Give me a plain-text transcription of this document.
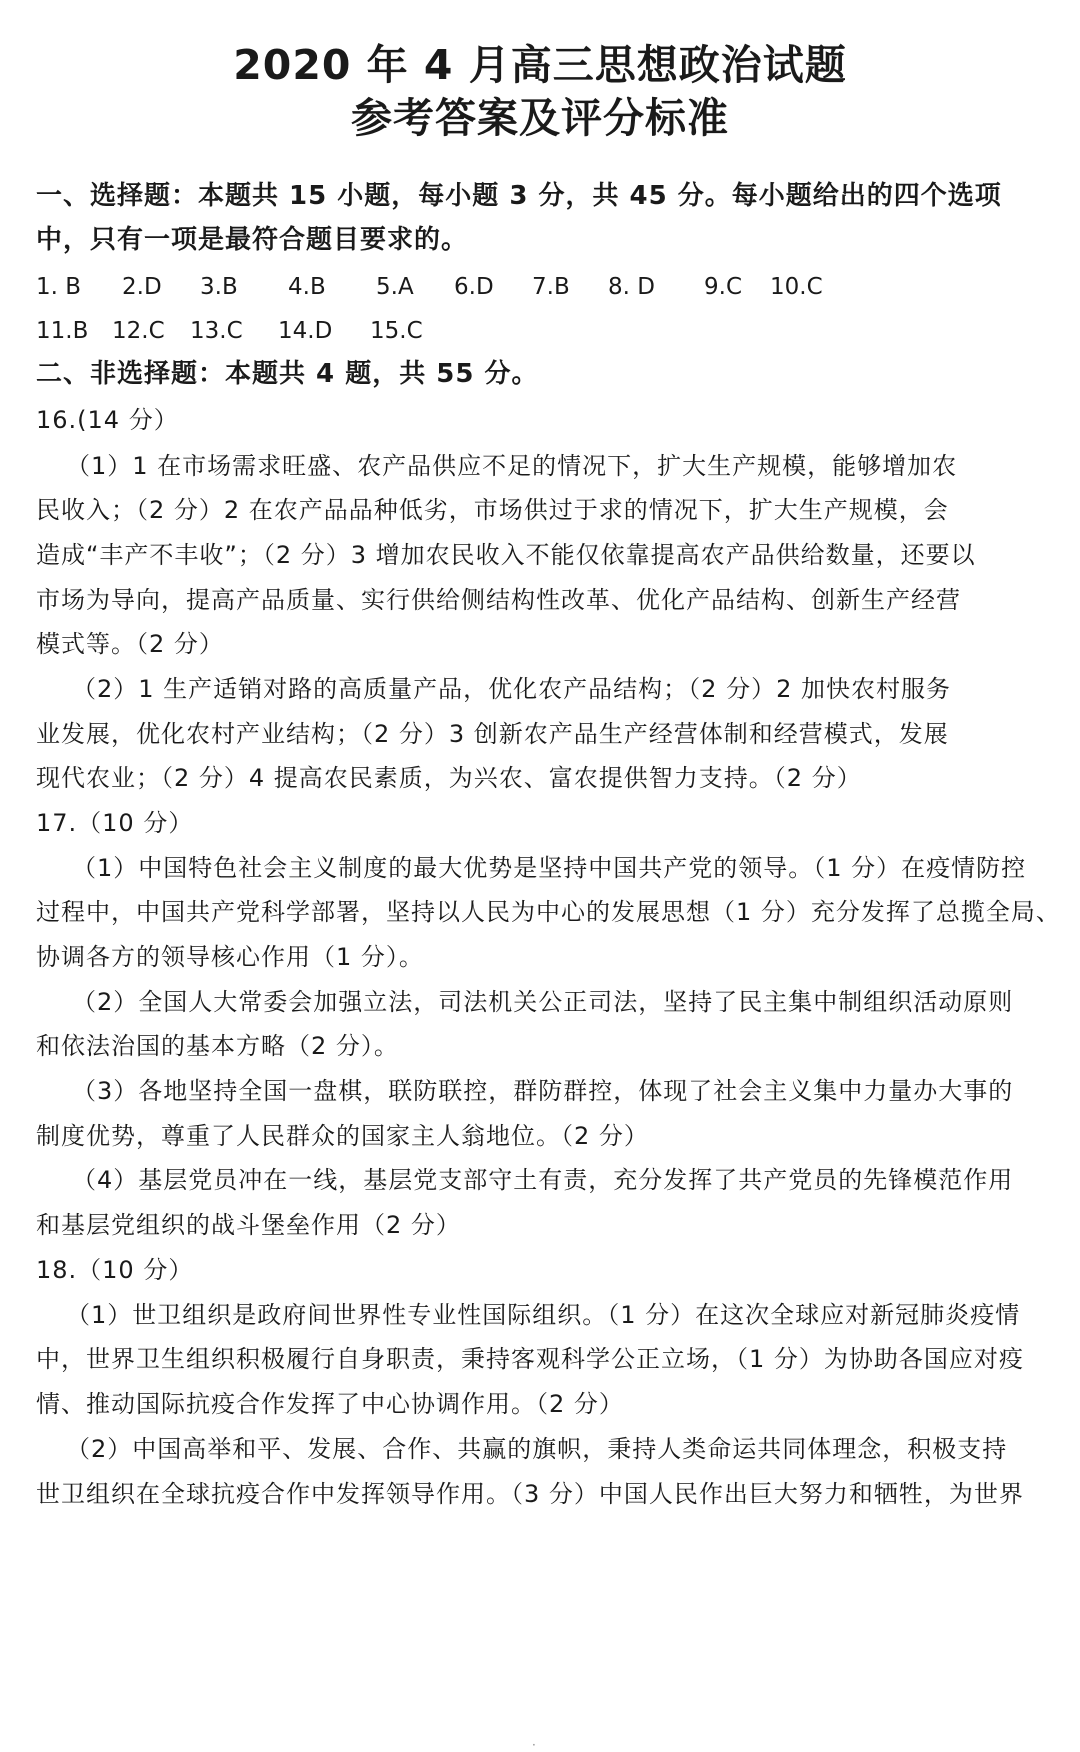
2020 年 4 月高三思想政治试题
参考答案及评分标准
一、选择题：本题共 15 小题，每小题 3 分，共 45 分。每小题给出的四个选项
中，只有一项是最符合题目要求的。
1. B 2.D 3.B 4.B 5.A 6.D 7.B 8. D 9.C 10.C
11.B 12.C 13.C 14.D 15.C
二、非选择题：本题共 4 题，共 55 分。
16.(14 分）
（1）1 在市场需求旺盛、农产品供应不足的情况下，扩大生产规模，能够增加农
民收入；（2 分）2 在农产品品种低劣，市场供过于求的情况下，扩大生产规模，会
造成“丰产不丰收”；（2 分）3 增加农民收入不能仅依靠提高农产品供给数量，还要以
市场为导向，提高产品质量、实行供给侧结构性改革、优化产品结构、创新生产经营
模式等。（2 分）
（2）1 生产适销对路的高质量产品，优化农产品结构；（2 分）2 加快农村服务
业发展，优化农村产业结构；（2 分）3 创新农产品生产经营体制和经营模式，发展
现代农业；（2 分）4 提高农民素质，为兴农、富农提供智力支持。（2 分）
17.（10 分）
（1）中国特色社会主义制度的最大优势是坚持中国共产党的领导。（1 分）在疫情防控
过程中，中国共产党科学部署，坚持以人民为中心的发展思想（1 分）充分发挥了总揽全局、
协调各方的领导核心作用（1 分）。
（2）全国人大常委会加强立法，司法机关公正司法，坚持了民主集中制组织活动原则
和依法治国的基本方略（2 分）。
（3）各地坚持全国一盘棋，联防联控，群防群控，体现了社会主义集中力量办大事的
制度优势，尊重了人民群众的国家主人翁地位。（2 分）
（4）基层党员冲在一线，基层党支部守土有责，充分发挥了共产党员的先锋模范作用
和基层党组织的战斗堡垒作用（2 分）
18.（10 分）
（1）世卫组织是政府间世界性专业性国际组织。（1 分）在这次全球应对新冠肺炎疫情
中，世界卫生组织积极履行自身职责，秉持客观科学公正立场，（1 分）为协助各国应对疫
情、推动国际抗疫合作发挥了中心协调作用。（2 分）
（2）中国高举和平、发展、合作、共赢的旗帜，秉持人类命运共同体理念，积极支持
世卫组织在全球抗疫合作中发挥领导作用。（3 分）中国人民作出巨大努力和牺牲，为世界
·
